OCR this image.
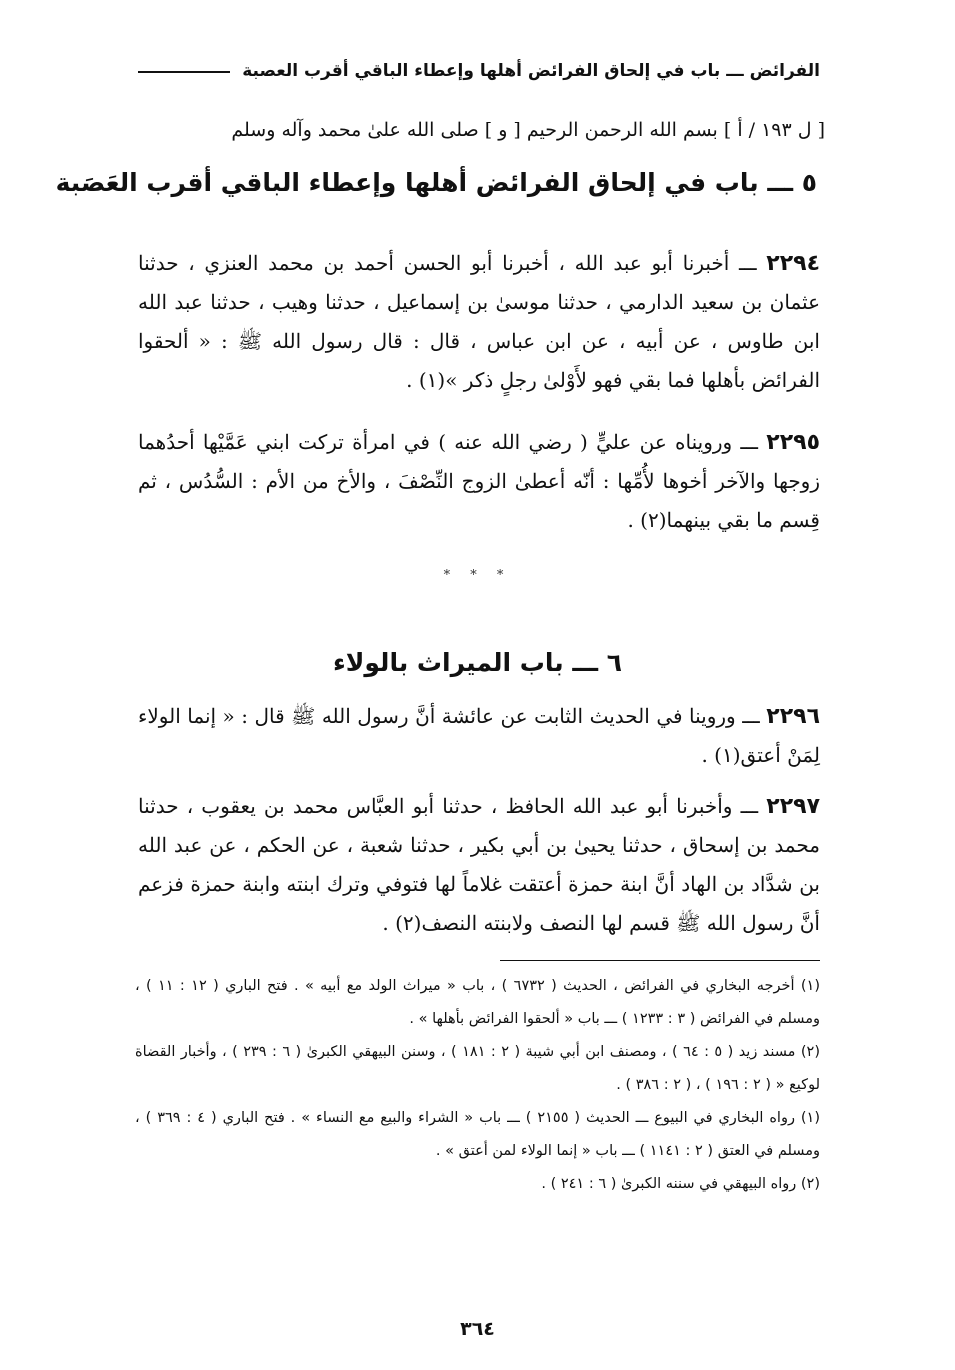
الفرائض ـــ باب في إلحاق الفرائض أهلها وإعطاء الباقي أقرب العصبة
[ ل ١٩٣ / أ ] بسم الله الرحمن الرحيم [ و ] صلى الله علىٰ محمد وآله وسلم
٥ ـــ باب في إلحاق الفرائض أهلها وإعطاء الباقي أقرب العَصَبة

٢٢٩٤ ـــ أخبرنا أبو عبد الله ، أخبرنا أبو الحسن أحمد بن محمد العنزي ، حدثنا عثمان بن سعيد الدارمي ، حدثنا موسىٰ بن إسماعيل ، حدثنا وهيب ، حدثنا عبد الله ابن طاوس ، عن أبيه ، عن ابن عباس ، قال : قال رسول الله ﷺ : « ألحقوا الفرائض بأهلها فما بقي فهو لأَوْلىٰ رجلٍ ذكر »(١) .

٢٢٩٥ ـــ ورويناه عن عليٍّ ( رضي الله عنه ) في امرأة تركت ابني عَمَّيْها أحدُهما زوجها والآخر أخوها لأُمِّها : أنّه أعطىٰ الزوج النِّصْفَ ، والأخ من الأم : السُّدُس ، ثم قِسم ما بقي بينهما(٢) .

* * *
٦ ـــ باب الميراث بالولاء

٢٢٩٦ ـــ وروينا في الحديث الثابت عن عائشة أنَّ رسول الله ﷺ قال : « إنما الولاء لِمَنْ أعتق(١) .

٢٢٩٧ ـــ وأخبرنا أبو عبد الله الحافظ ، حدثنا أبو العبَّاس محمد بن يعقوب ، حدثنا محمد بن إسحاق ، حدثنا يحيىٰ بن أبي بكير ، حدثنا شعبة ، عن الحكم ، عن عبد الله بن شدَّاد بن الهاد أنَّ ابنة حمزة أعتقت غلاماً لها فتوفي وترك ابنته وابنة حمزة فزعم أنَّ رسول الله ﷺ قسم لها النصف ولابنته النصف(٢) .

(١) أخرجه البخاري في الفرائض ، الحديث ( ٦٧٣٢ ) ، باب « ميراث الولد مع أبيه » . فتح الباري ( ١٢ : ١١ ) ، ومسلم في الفرائض ( ٣ : ١٢٣٣ ) ـــ باب « ألحقوا الفرائض بأهلها » .

(٢) مسند زيد ( ٥ : ٦٤ ) ، ومصنف ابن أبي شيبة ( ٢ : ١٨١ ) ، وسنن البيهقي الكبرىٰ ( ٦ : ٢٣٩ ) ، وأخبار القضاة لوكيع « ( ٢ : ١٩٦ ) ، ( ٢ : ٣٨٦ ) .

(١) رواه البخاري في البيوع ـــ الحديث ( ٢١٥٥ ) ـــ باب « الشراء والبيع مع النساء » . فتح الباري ( ٤ : ٣٦٩ ) ، ومسلم في العتق ( ٢ : ١١٤١ ) ـــ باب « إنما الولاء لمن أعتق » .

(٢) رواه البيهقي في سننه الكبرىٰ ( ٦ : ٢٤١ ) .

٣٦٤
